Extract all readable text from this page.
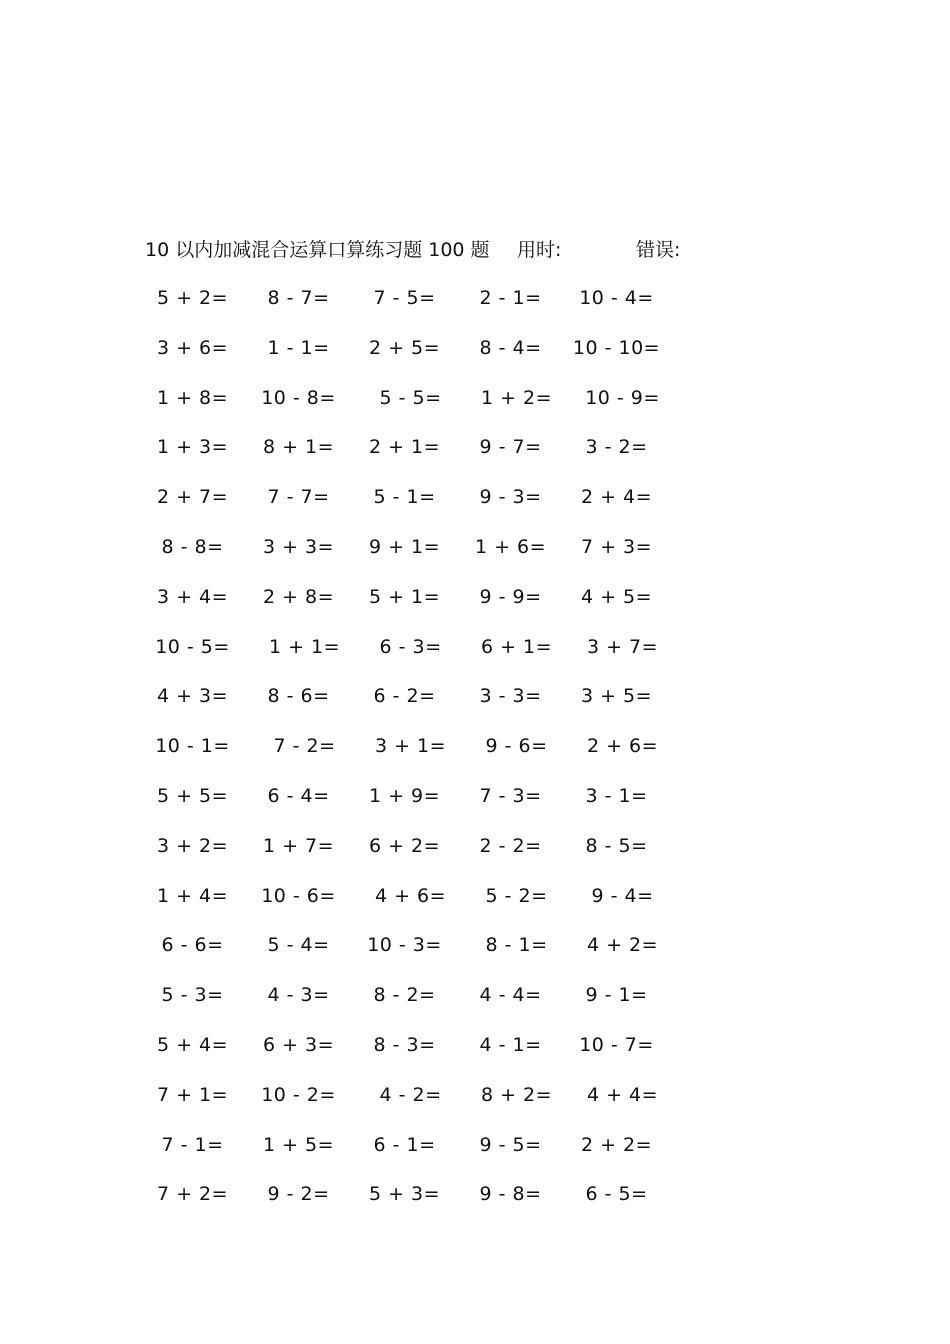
10 以内加减混合运算口算练习题 100 题 用时:	错误:
5 + 2=	8 - 7=	7 - 5=	2 - 1=	10 - 4=
3 + 6=	1 - 1=	2 + 5=	8 - 4=	10 - 10=
1 + 8=	10 - 8=	5 - 5=	1 + 2=	10 - 9=
1 + 3=	8 + 1=	2 + 1=	9 - 7=	3 - 2=
2 + 7=	7 - 7=	5 - 1=	9 - 3=	2 + 4=
8 - 8=	3 + 3=	9 + 1=	1 + 6=	7 + 3=
3 + 4=	2 + 8=	5 + 1=	9 - 9=	4 + 5=
10 - 5=	1 + 1=	6 - 3=	6 + 1=	3 + 7=
4 + 3=	8 - 6=	6 - 2=	3 - 3=	3 + 5=
10 - 1=	7 - 2=	3 + 1=	9 - 6=	2 + 6=
5 + 5=	6 - 4=	1 + 9=	7 - 3=	3 - 1=
3 + 2=	1 + 7=	6 + 2=	2 - 2=	8 - 5=
1 + 4=	10 - 6=	4 + 6=	5 - 2=	9 - 4=
6 - 6=	5 - 4=	10 - 3=	8 - 1=	4 + 2=
5 - 3=	4 - 3=	8 - 2=	4 - 4=	9 - 1=
5 + 4=	6 + 3=	8 - 3=	4 - 1=	10 - 7=
7 + 1=	10 - 2=	4 - 2=	8 + 2=	4 + 4=
7 - 1=	1 + 5=	6 - 1=	9 - 5=	2 + 2=
7 + 2=	9 - 2=	5 + 3=	9 - 8=	6 - 5=
